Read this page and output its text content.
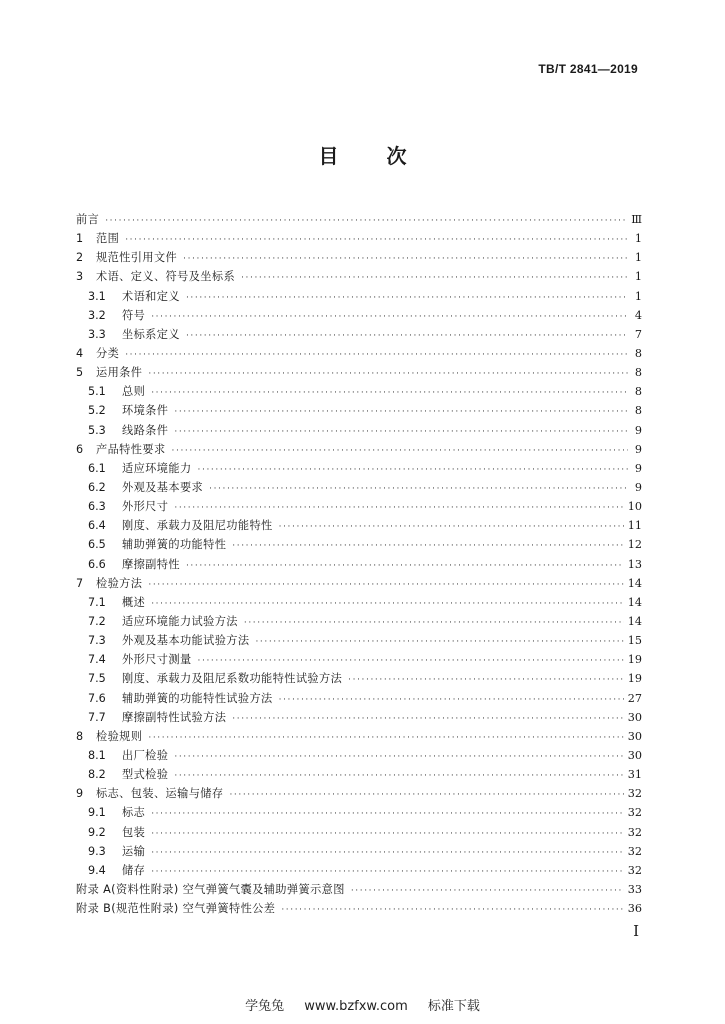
TB/T 2841—2019
目 次
前言 ·····	Ⅲ
1	范围 ·····	1
2	规范性引用文件 ·····	1
3	术语、定义、符号及坐标系 ·····	1
3.1	术语和定义 ·····	1
3.2	符号 ·····	4
3.3	坐标系定义 ·····	7
4	分类 ·····	8
5	运用条件 ·····	8
5.1	总则 ·····	8
5.2	环境条件 ·····	8
5.3	线路条件 ·····	9
6	产品特性要求 ·····	9
6.1	适应环境能力 ·····	9
6.2	外观及基本要求 ·····	9
6.3	外形尺寸 ·····	10
6.4	刚度、承载力及阻尼功能特性 ·····	11
6.5	辅助弹簧的功能特性 ·····	12
6.6	摩擦副特性 ·····	13
7	检验方法 ·····	14
7.1	概述 ·····	14
7.2	适应环境能力试验方法 ·····	14
7.3	外观及基本功能试验方法 ·····	15
7.4	外形尺寸测量 ·····	19
7.5	刚度、承载力及阻尼系数功能特性试验方法 ·····	19
7.6	辅助弹簧的功能特性试验方法 ·····	27
7.7	摩擦副特性试验方法 ·····	30
8	检验规则 ·····	30
8.1	出厂检验 ·····	30
8.2	型式检验 ·····	31
9	标志、包装、运输与储存 ·····	32
9.1	标志 ·····	32
9.2	包装 ·····	32
9.3	运输 ·····	32
9.4	储存 ·····	32
附录 A(资料性附录) 空气弹簧气囊及辅助弹簧示意图 ·····	33
附录 B(规范性附录) 空气弹簧特性公差 ·····	36
I
学兔兔 www.bzfxw.com 标准下载
